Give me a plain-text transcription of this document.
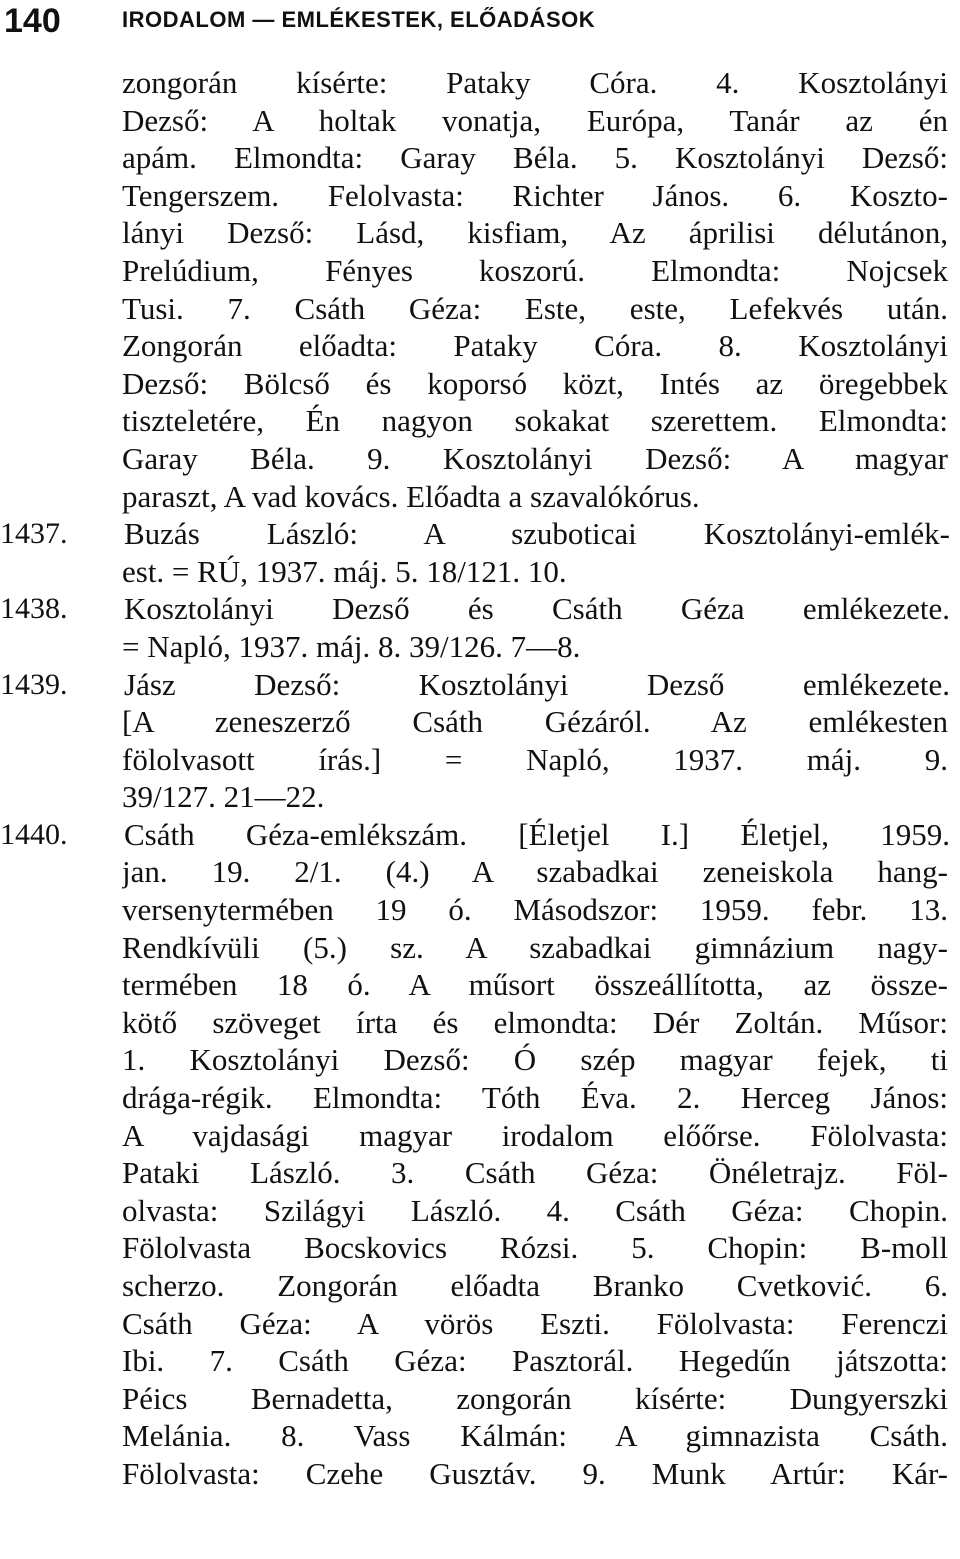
140	IRODALOM — EMLÉKESTEK, ELŐADÁSOK
zongorán kísérte: Pataky Córa. 4. Kosztolányi
Dezső: A holtak vonatja, Európa, Tanár az én
apám. Elmondta: Garay Béla. 5. Kosztolányi Dezső:
Tengerszem. Felolvasta: Richter János. 6. Koszto-
lányi Dezső: Lásd, kisfiam, Az áprilisi délutánon,
Prelúdium, Fényes koszorú. Elmondta: Nojcsek
Tusi. 7. Csáth Géza: Este, este, Lefekvés után.
Zongorán előadta: Pataky Córa. 8. Kosztolányi
Dezső: Bölcső és koporsó közt, Intés az öregebbek
tiszteletére, Én nagyon sokakat szerettem. Elmondta:
Garay Béla. 9. Kosztolányi Dezső: A magyar
paraszt, A vad kovács. Előadta a szavalókórus.
1437.	Buzás László: A szuboticai Kosztolányi-emlék-
est. = RÚ, 1937. máj. 5. 18/121. 10.
1438.	Kosztolányi Dezső és Csáth Géza emlékezete.
= Napló, 1937. máj. 8. 39/126. 7—8.
1439.	Jász Dezső: Kosztolányi Dezső emlékezete.
[A zeneszerző Csáth Gézáról. Az emlékesten
fölolvasott írás.] = Napló, 1937. máj. 9.
39/127. 21—22.
1440.	Csáth Géza-emlékszám. [Életjel I.] Életjel, 1959.
jan. 19. 2/1. (4.) A szabadkai zeneiskola hang-
versenytermében 19 ó. Másodszor: 1959. febr. 13.
Rendkívüli (5.) sz. A szabadkai gimnázium nagy-
termében 18 ó. A műsort összeállította, az össze-
kötő szöveget írta és elmondta: Dér Zoltán. Műsor:
1. Kosztolányi Dezső: Ó szép magyar fejek, ti
drága-régik. Elmondta: Tóth Éva. 2. Herceg János:
A vajdasági magyar irodalom előőrse. Fölolvasta:
Pataki László. 3. Csáth Géza: Önéletrajz. Föl-
olvasta: Szilágyi László. 4. Csáth Géza: Chopin.
Fölolvasta Bocskovics Rózsi. 5. Chopin: B-moll
scherzo. Zongorán előadta Branko Cvetković. 6.
Csáth Géza: A vörös Eszti. Fölolvasta: Ferenczi
Ibi. 7. Csáth Géza: Pasztorál. Hegedűn játszotta:
Péics Bernadetta, zongorán kísérte: Dungyerszki
Melánia. 8. Vass Kálmán: A gimnazista Csáth.
Fölolvasta: Czehe Gusztáv. 9. Munk Artúr: Kár-
